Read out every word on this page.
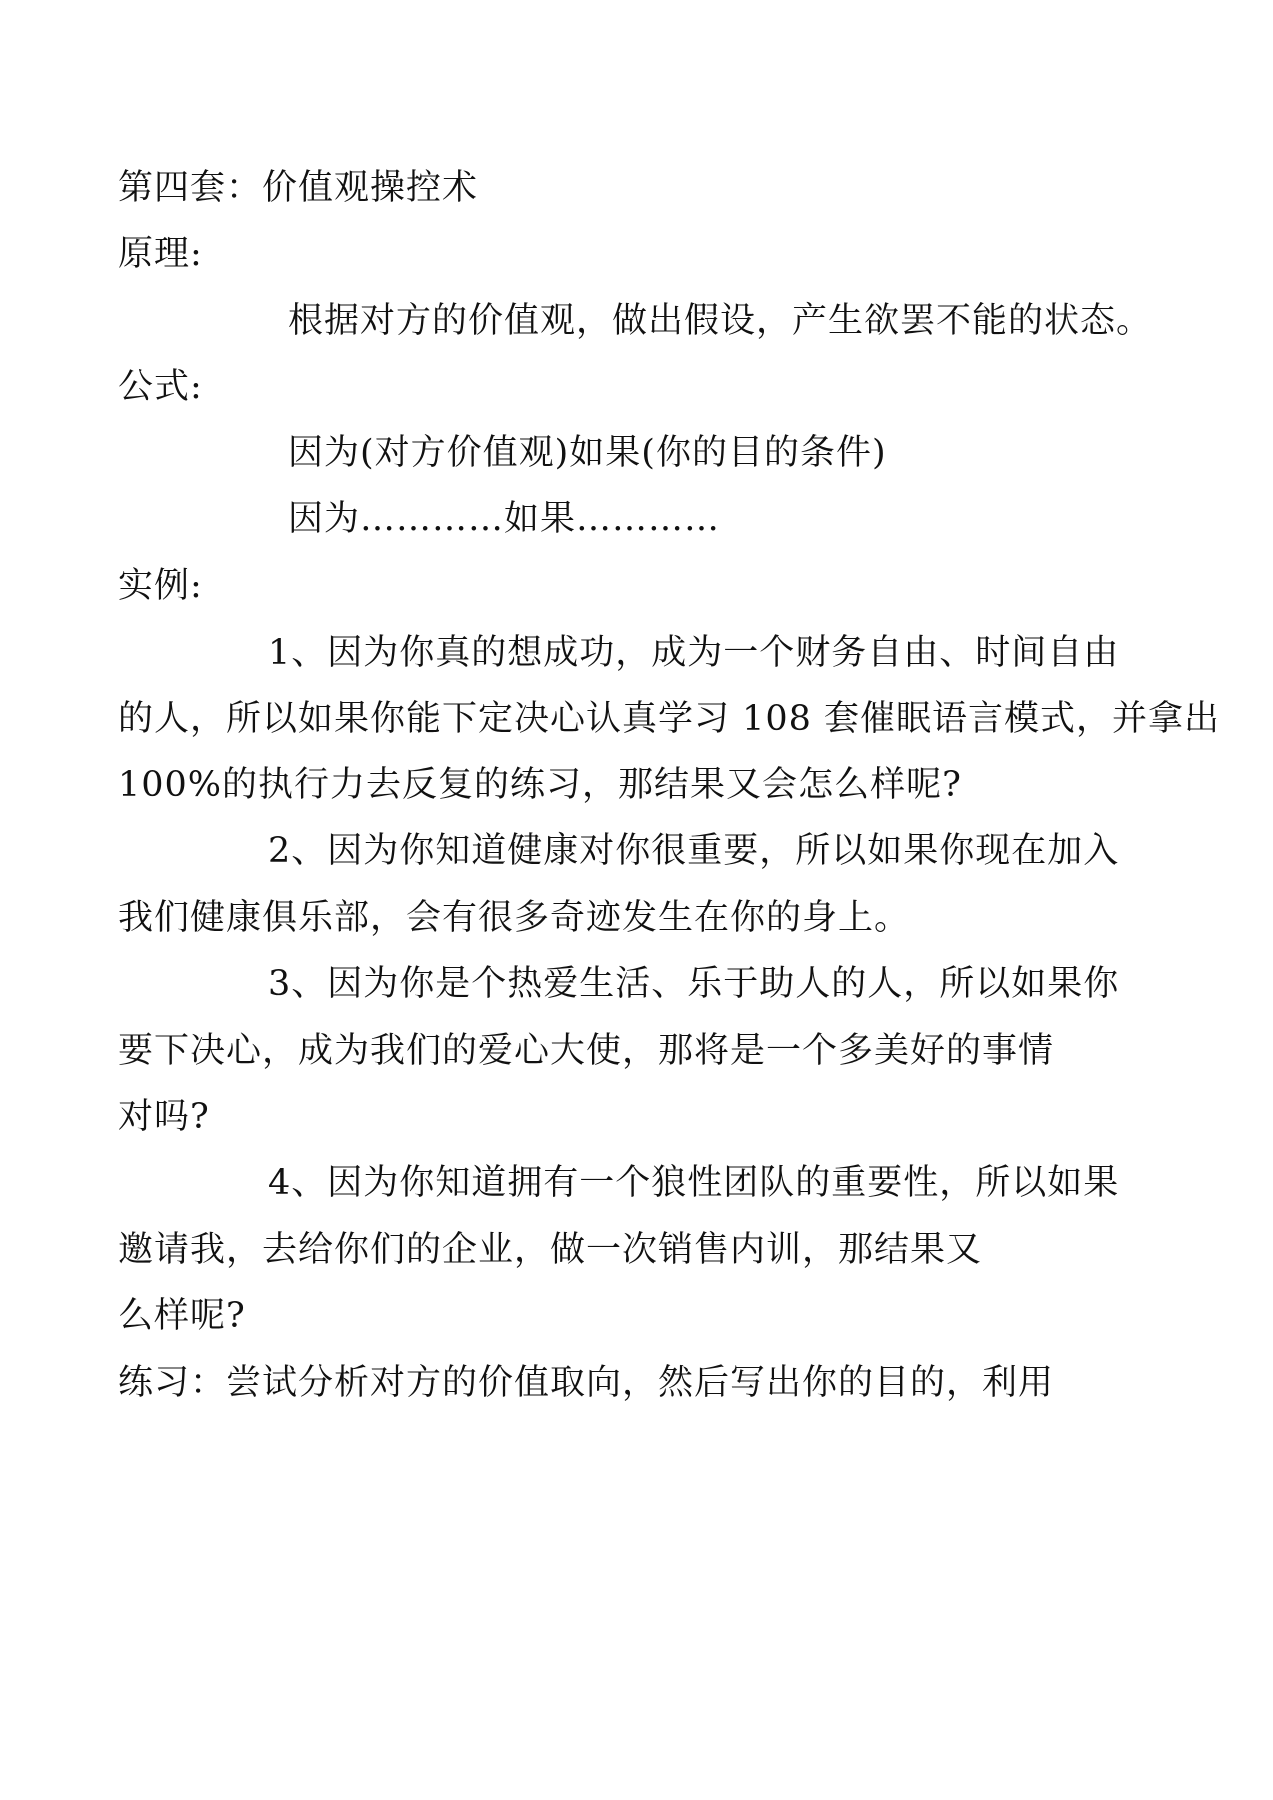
第四套：价值观操控术
原理:
根据对方的价值观，做出假设，产生欲罢不能的状态。
公式:
因为(对方价值观)如果(你的目的条件)
因为…………如果…………
实例:
1、因为你真的想成功，成为一个财务自由、时间自由
的人，所以如果你能下定决心认真学习 108 套催眠语言模式，并拿出
100%的执行力去反复的练习，那结果又会怎么样呢?
2、因为你知道健康对你很重要，所以如果你现在加入
我们健康俱乐部，会有很多奇迹发生在你的身上。
3、因为你是个热爱生活、乐于助人的人，所以如果你
要下决心，成为我们的爱心大使，那将是一个多美好的事情
对吗?
4、因为你知道拥有一个狼性团队的重要性，所以如果
邀请我，去给你们的企业，做一次销售内训，那结果又
么样呢?
练习：尝试分析对方的价值取向，然后写出你的目的，利用
